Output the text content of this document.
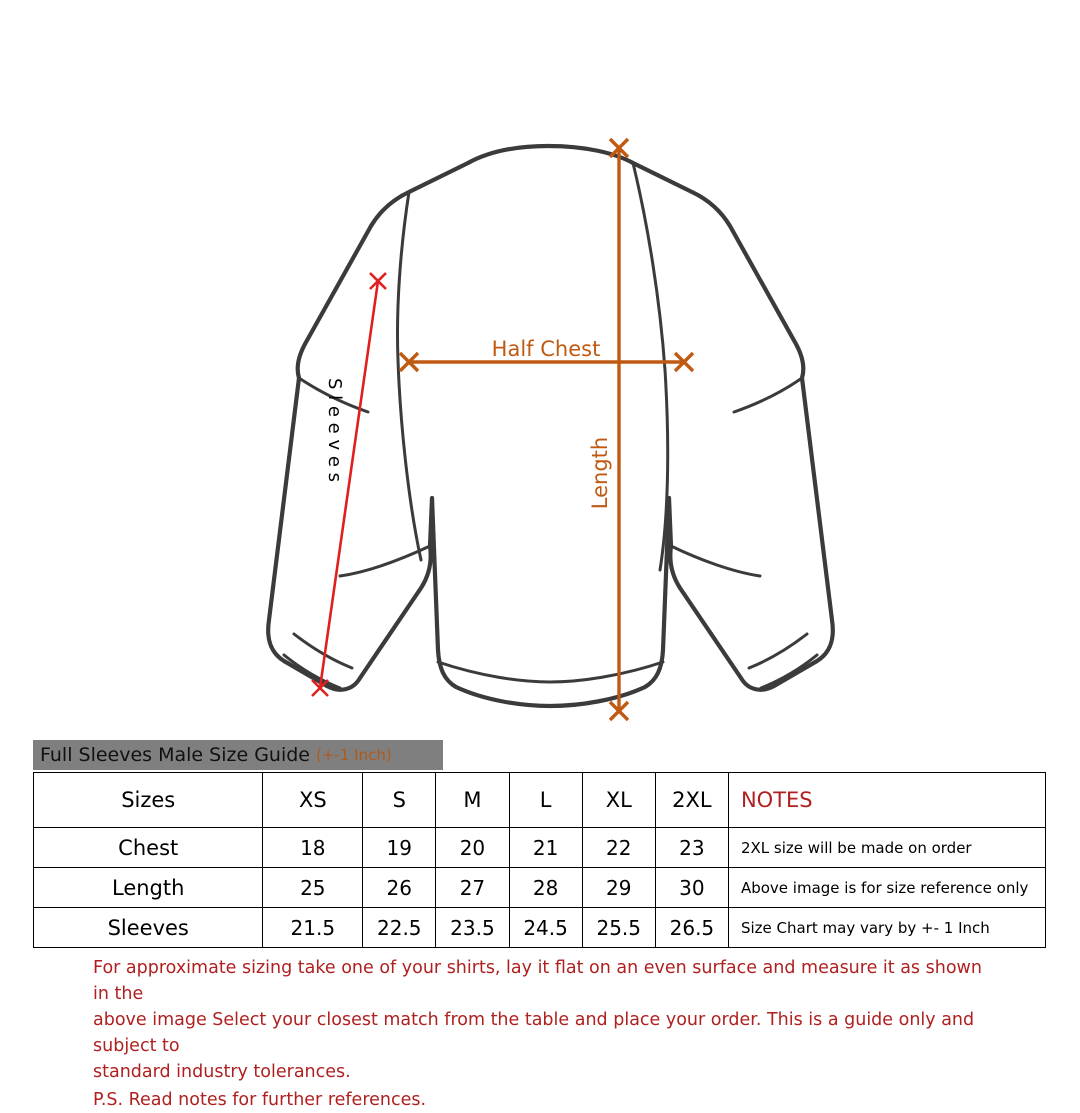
Half Chest
Length
S l e e v e s
Full Sleeves Male Size Guide (+-1 Inch)
Sizes	XS	S	M	L	XL	2XL	NOTES
Chest	18	19	20	21	22	23	2XL size will be made on order
Length	25	26	27	28	29	30	Above image is for size reference only
Sleeves	21.5	22.5	23.5	24.5	25.5	26.5	Size Chart may vary by +- 1 Inch

For approximate sizing take one of your shirts, lay it flat on an even surface and measure it as shown in the

above image Select your closest match from the table and place your order. This is a guide only and subject to

standard industry tolerances.

P.S. Read notes for further references.
